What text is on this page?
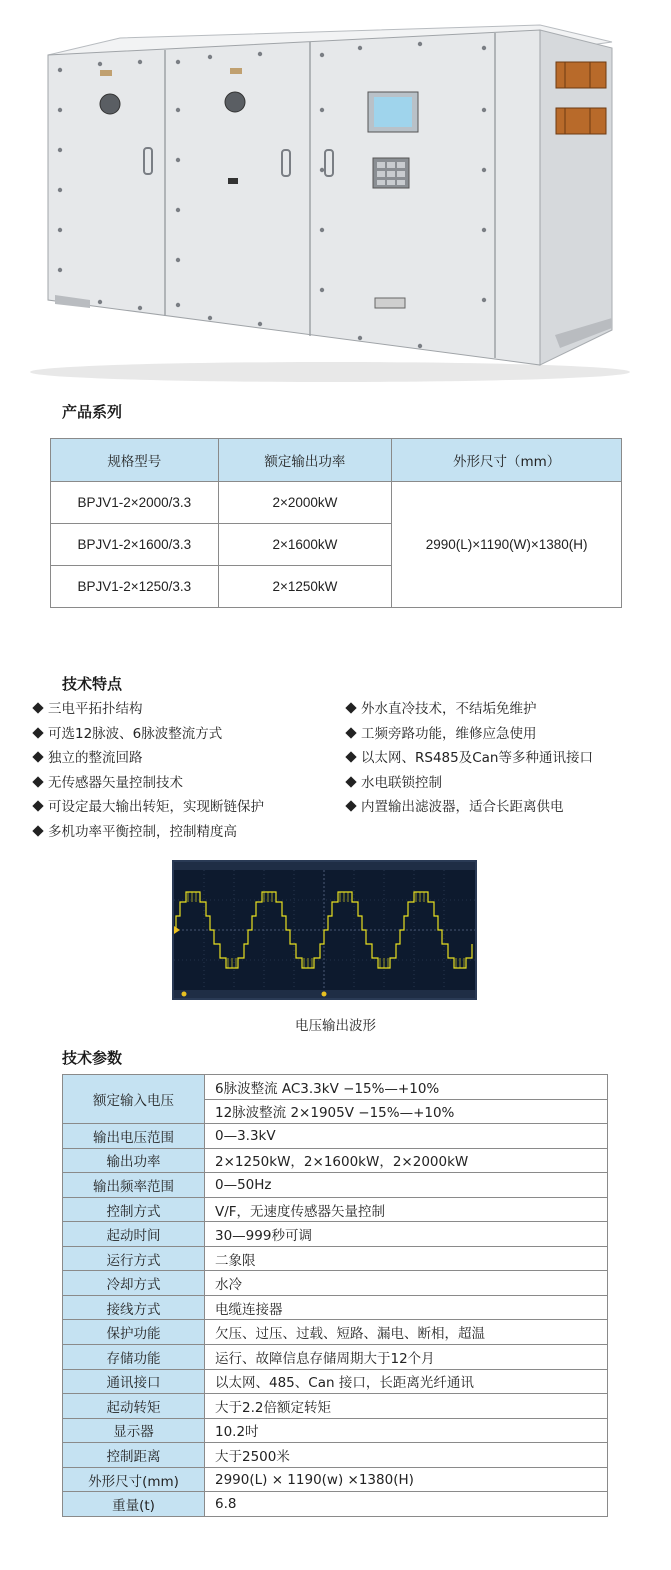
产品系列
规格型号	额定输出功率	外形尺寸（mm）
BPJV1-2×2000/3.3	2×2000kW	2990(L)×1190(W)×1380(H)
BPJV1-2×1600/3.3	2×1600kW	
BPJV1-2×1250/3.3	2×1250kW	
技术特点
三电平拓扑结构
可选12脉波、6脉波整流方式
独立的整流回路
无传感器矢量控制技术
可设定最大输出转矩，实现断链保护
多机功率平衡控制，控制精度高
外水直冷技术，不结垢免维护
工频旁路功能，维修应急使用
以太网、RS485及Can等多种通讯接口
水电联锁控制
内置输出滤波器，适合长距离供电
电压输出波形
技术参数
额定输入电压	6脉波整流 AC3.3kV −15%—+10%
	12脉波整流 2×1905V −15%—+10%
输出电压范围	0—3.3kV
输出功率	2×1250kW，2×1600kW，2×2000kW
输出频率范围	0—50Hz
控制方式	V/F，无速度传感器矢量控制
起动时间	30—999秒可调
运行方式	二象限
冷却方式	水冷
接线方式	电缆连接器
保护功能	欠压、过压、过载、短路、漏电、断相，超温
存储功能	运行、故障信息存储周期大于12个月
通讯接口	以太网、485、Can 接口，长距离光纤通讯
起动转矩	大于2.2倍额定转矩
显示器	10.2吋
控制距离	大于2500米
外形尺寸(mm)	2990(L) × 1190(w) ×1380(H)
重量(t)	6.8
